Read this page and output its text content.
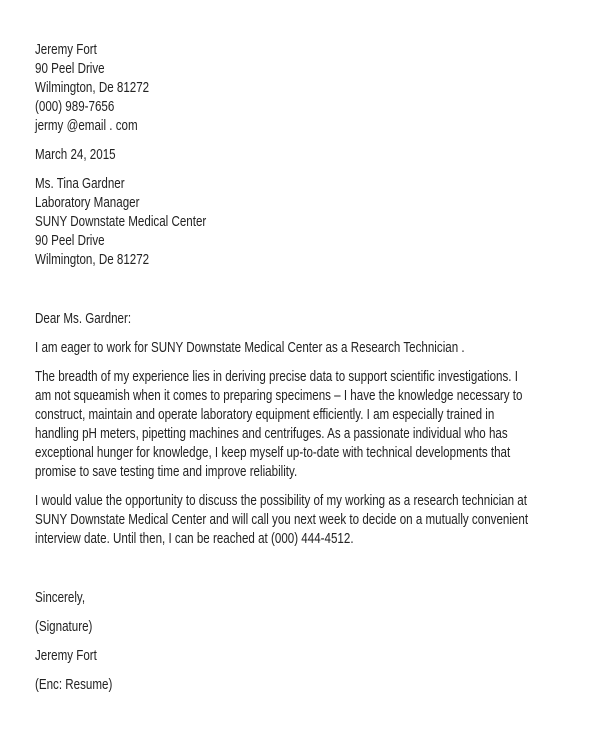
Jeremy Fort
90 Peel Drive
Wilmington, De 81272
(000) 989-7656
jermy @email . com
March 24, 2015
Ms. Tina Gardner
Laboratory Manager
SUNY Downstate Medical Center
90 Peel Drive
Wilmington, De 81272
Dear Ms. Gardner:
I am eager to work for SUNY Downstate Medical Center as a Research Technician .
The breadth of my experience lies in deriving precise data to support scientific investigations. I
am not squeamish when it comes to preparing specimens – I have the knowledge necessary to
construct, maintain and operate laboratory equipment efficiently. I am especially trained in
handling pH meters, pipetting machines and centrifuges. As a passionate individual who has
exceptional hunger for knowledge, I keep myself up-to-date with technical developments that
promise to save testing time and improve reliability.
I would value the opportunity to discuss the possibility of my working as a research technician at
SUNY Downstate Medical Center and will call you next week to decide on a mutually convenient
interview date. Until then, I can be reached at (000) 444-4512.
Sincerely,
(Signature)
Jeremy Fort
(Enc: Resume)
